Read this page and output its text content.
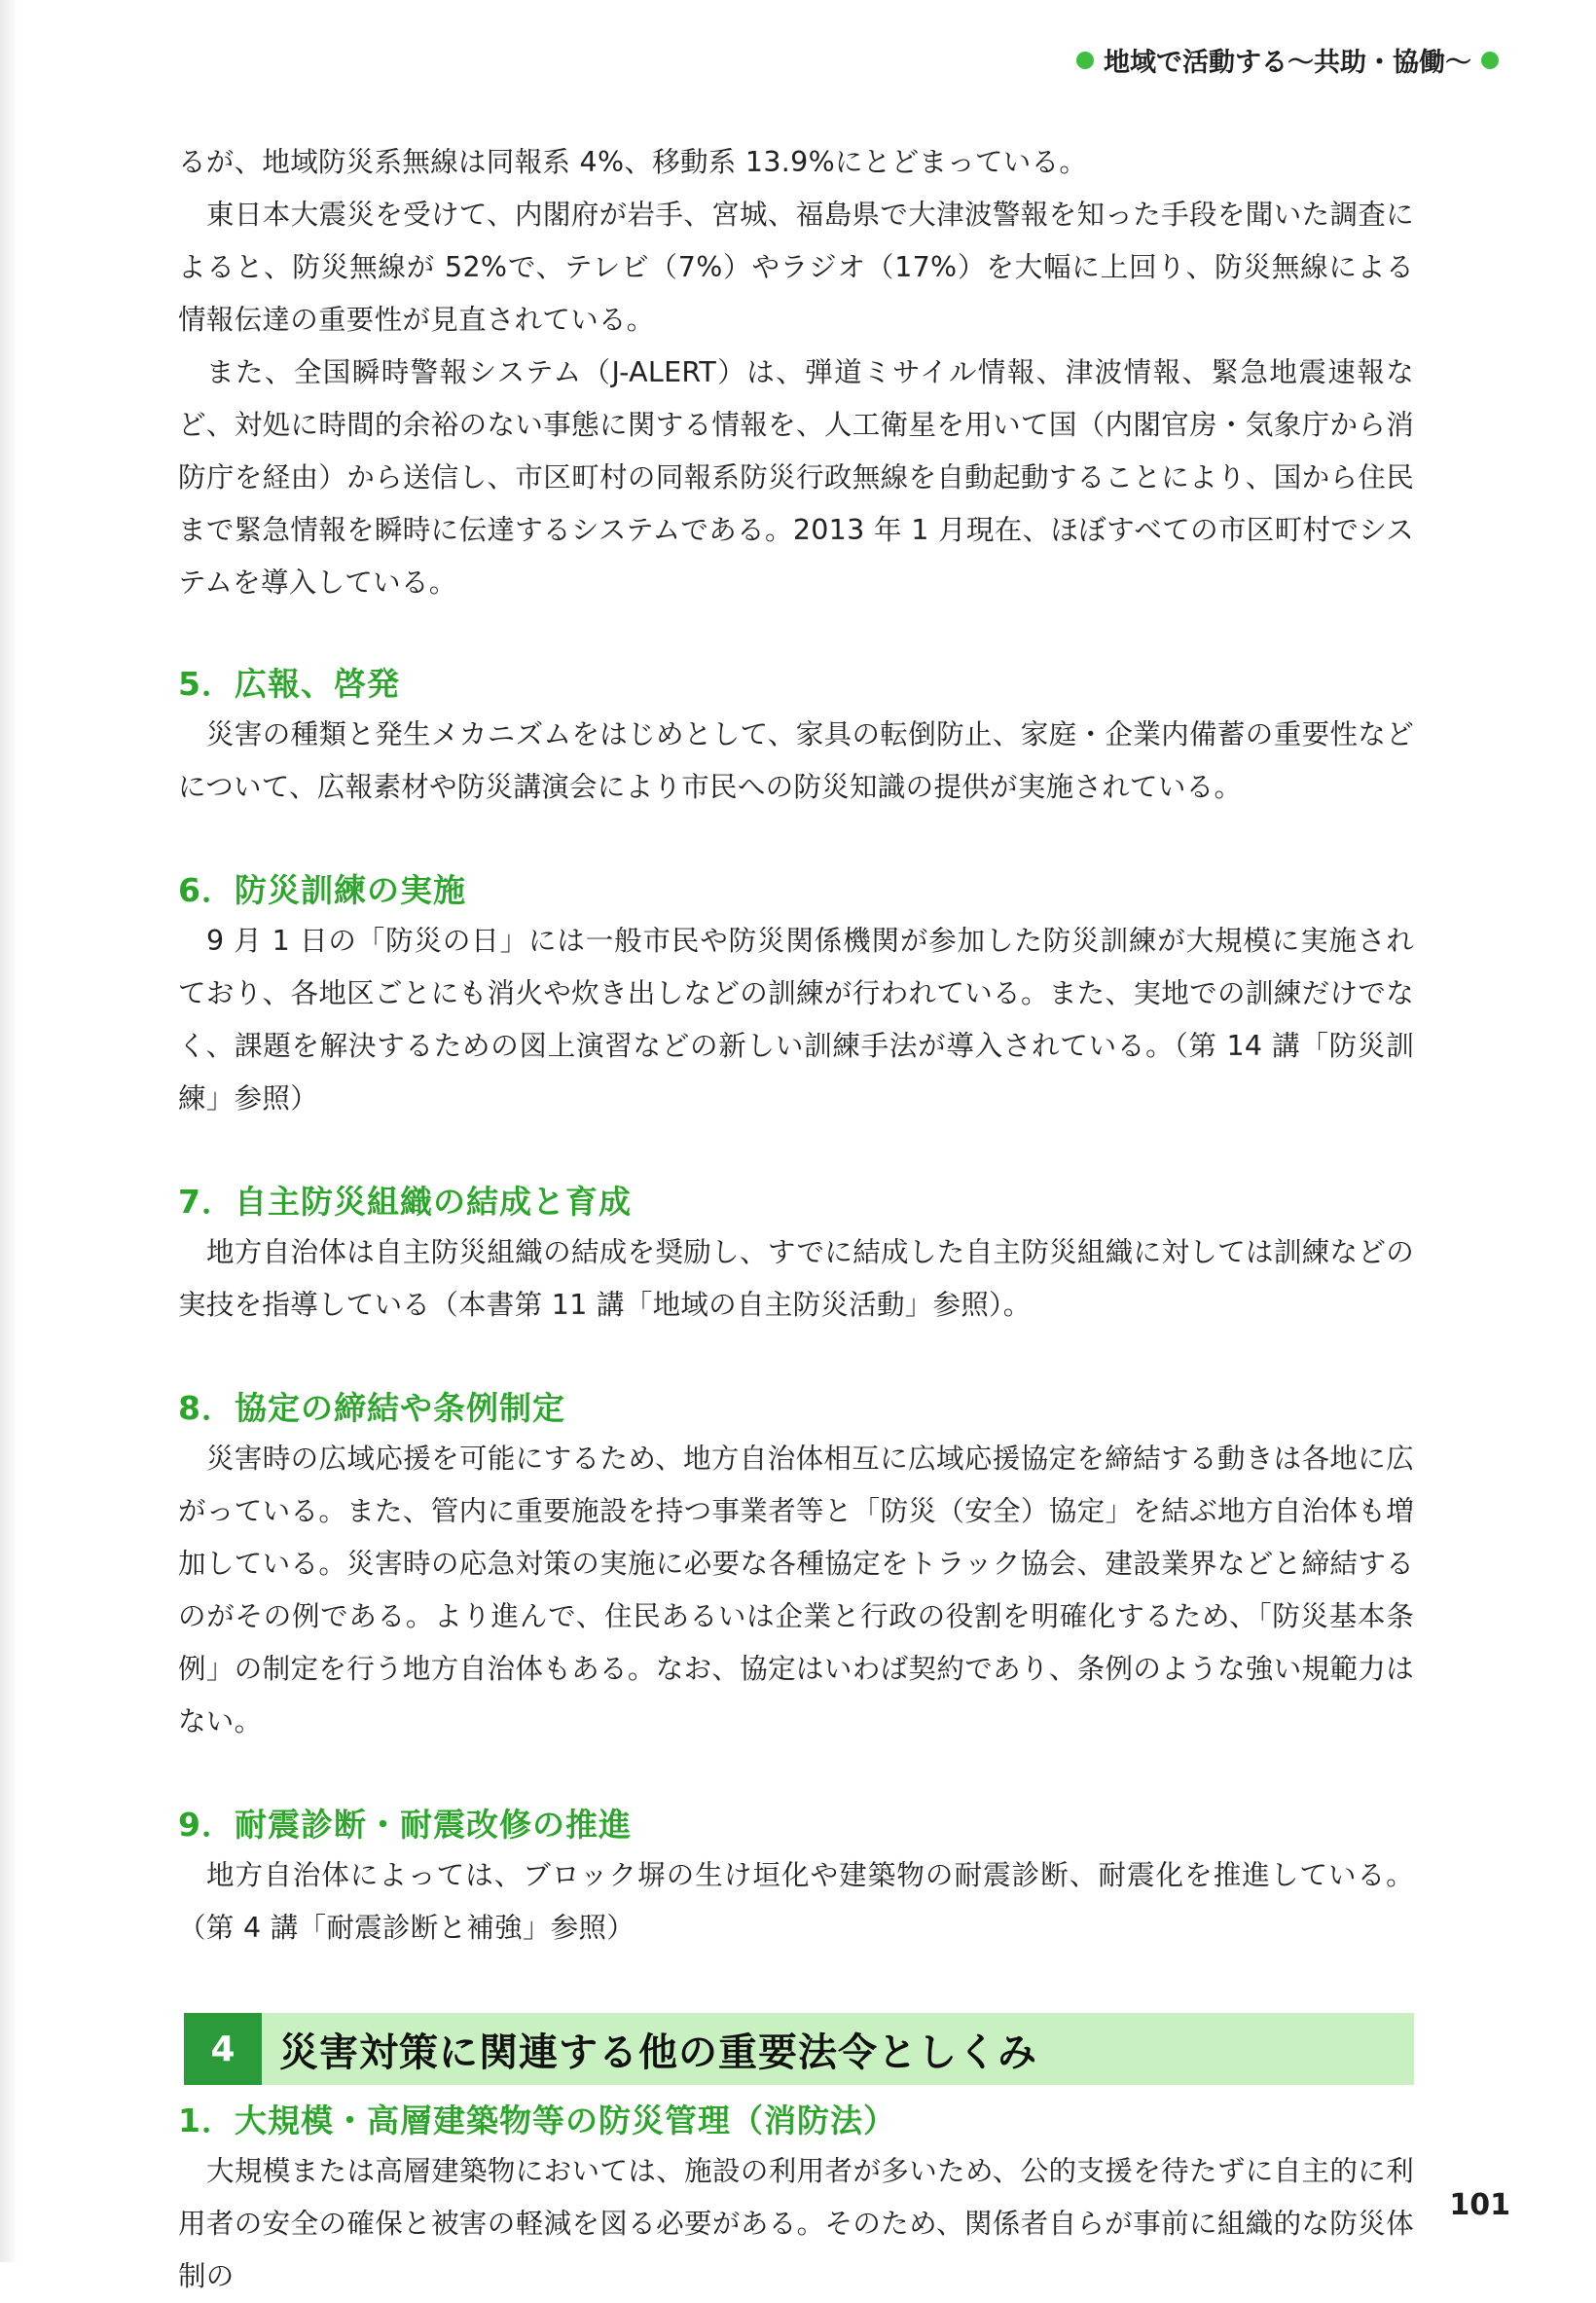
地域で活動する〜共助・協働〜

るが、地域防災系無線は同報系 4%、移動系 13.9%にとどまっている。

東日本大震災を受けて、内閣府が岩手、宮城、福島県で大津波警報を知った手段を聞いた調査によると、防災無線が 52%で、テレビ（7%）やラジオ（17%）を大幅に上回り、防災無線による情報伝達の重要性が見直されている。

また、全国瞬時警報システム（J-ALERT）は、弾道ミサイル情報、津波情報、緊急地震速報など、対処に時間的余裕のない事態に関する情報を、人工衛星を用いて国（内閣官房・気象庁から消防庁を経由）から送信し、市区町村の同報系防災行政無線を自動起動することにより、国から住民まで緊急情報を瞬時に伝達するシステムである。2013 年 1 月現在、ほぼすべての市区町村でシステムを導入している。

5．広報、啓発

災害の種類と発生メカニズムをはじめとして、家具の転倒防止、家庭・企業内備蓄の重要性などについて、広報素材や防災講演会により市民への防災知識の提供が実施されている。

6．防災訓練の実施

9 月 1 日の「防災の日」には一般市民や防災関係機関が参加した防災訓練が大規模に実施されており、各地区ごとにも消火や炊き出しなどの訓練が行われている。また、実地での訓練だけでなく、課題を解決するための図上演習などの新しい訓練手法が導入されている。（第 14 講「防災訓練」参照）

7．自主防災組織の結成と育成

地方自治体は自主防災組織の結成を奨励し、すでに結成した自主防災組織に対しては訓練などの実技を指導している（本書第 11 講「地域の自主防災活動」参照）。

8．協定の締結や条例制定

災害時の広域応援を可能にするため、地方自治体相互に広域応援協定を締結する動きは各地に広がっている。また、管内に重要施設を持つ事業者等と「防災（安全）協定」を結ぶ地方自治体も増加している。災害時の応急対策の実施に必要な各種協定をトラック協会、建設業界などと締結するのがその例である。より進んで、住民あるいは企業と行政の役割を明確化するため、「防災基本条例」の制定を行う地方自治体もある。なお、協定はいわば契約であり、条例のような強い規範力はない。

9．耐震診断・耐震改修の推進

地方自治体によっては、ブロック塀の生け垣化や建築物の耐震診断、耐震化を推進している。（第 4 講「耐震診断と補強」参照）

4	災害対策に関連する他の重要法令としくみ
1．大規模・高層建築物等の防災管理（消防法）

大規模または高層建築物においては、施設の利用者が多いため、公的支援を待たずに自主的に利用者の安全の確保と被害の軽減を図る必要がある。そのため、関係者自らが事前に組織的な防災体制の

101
